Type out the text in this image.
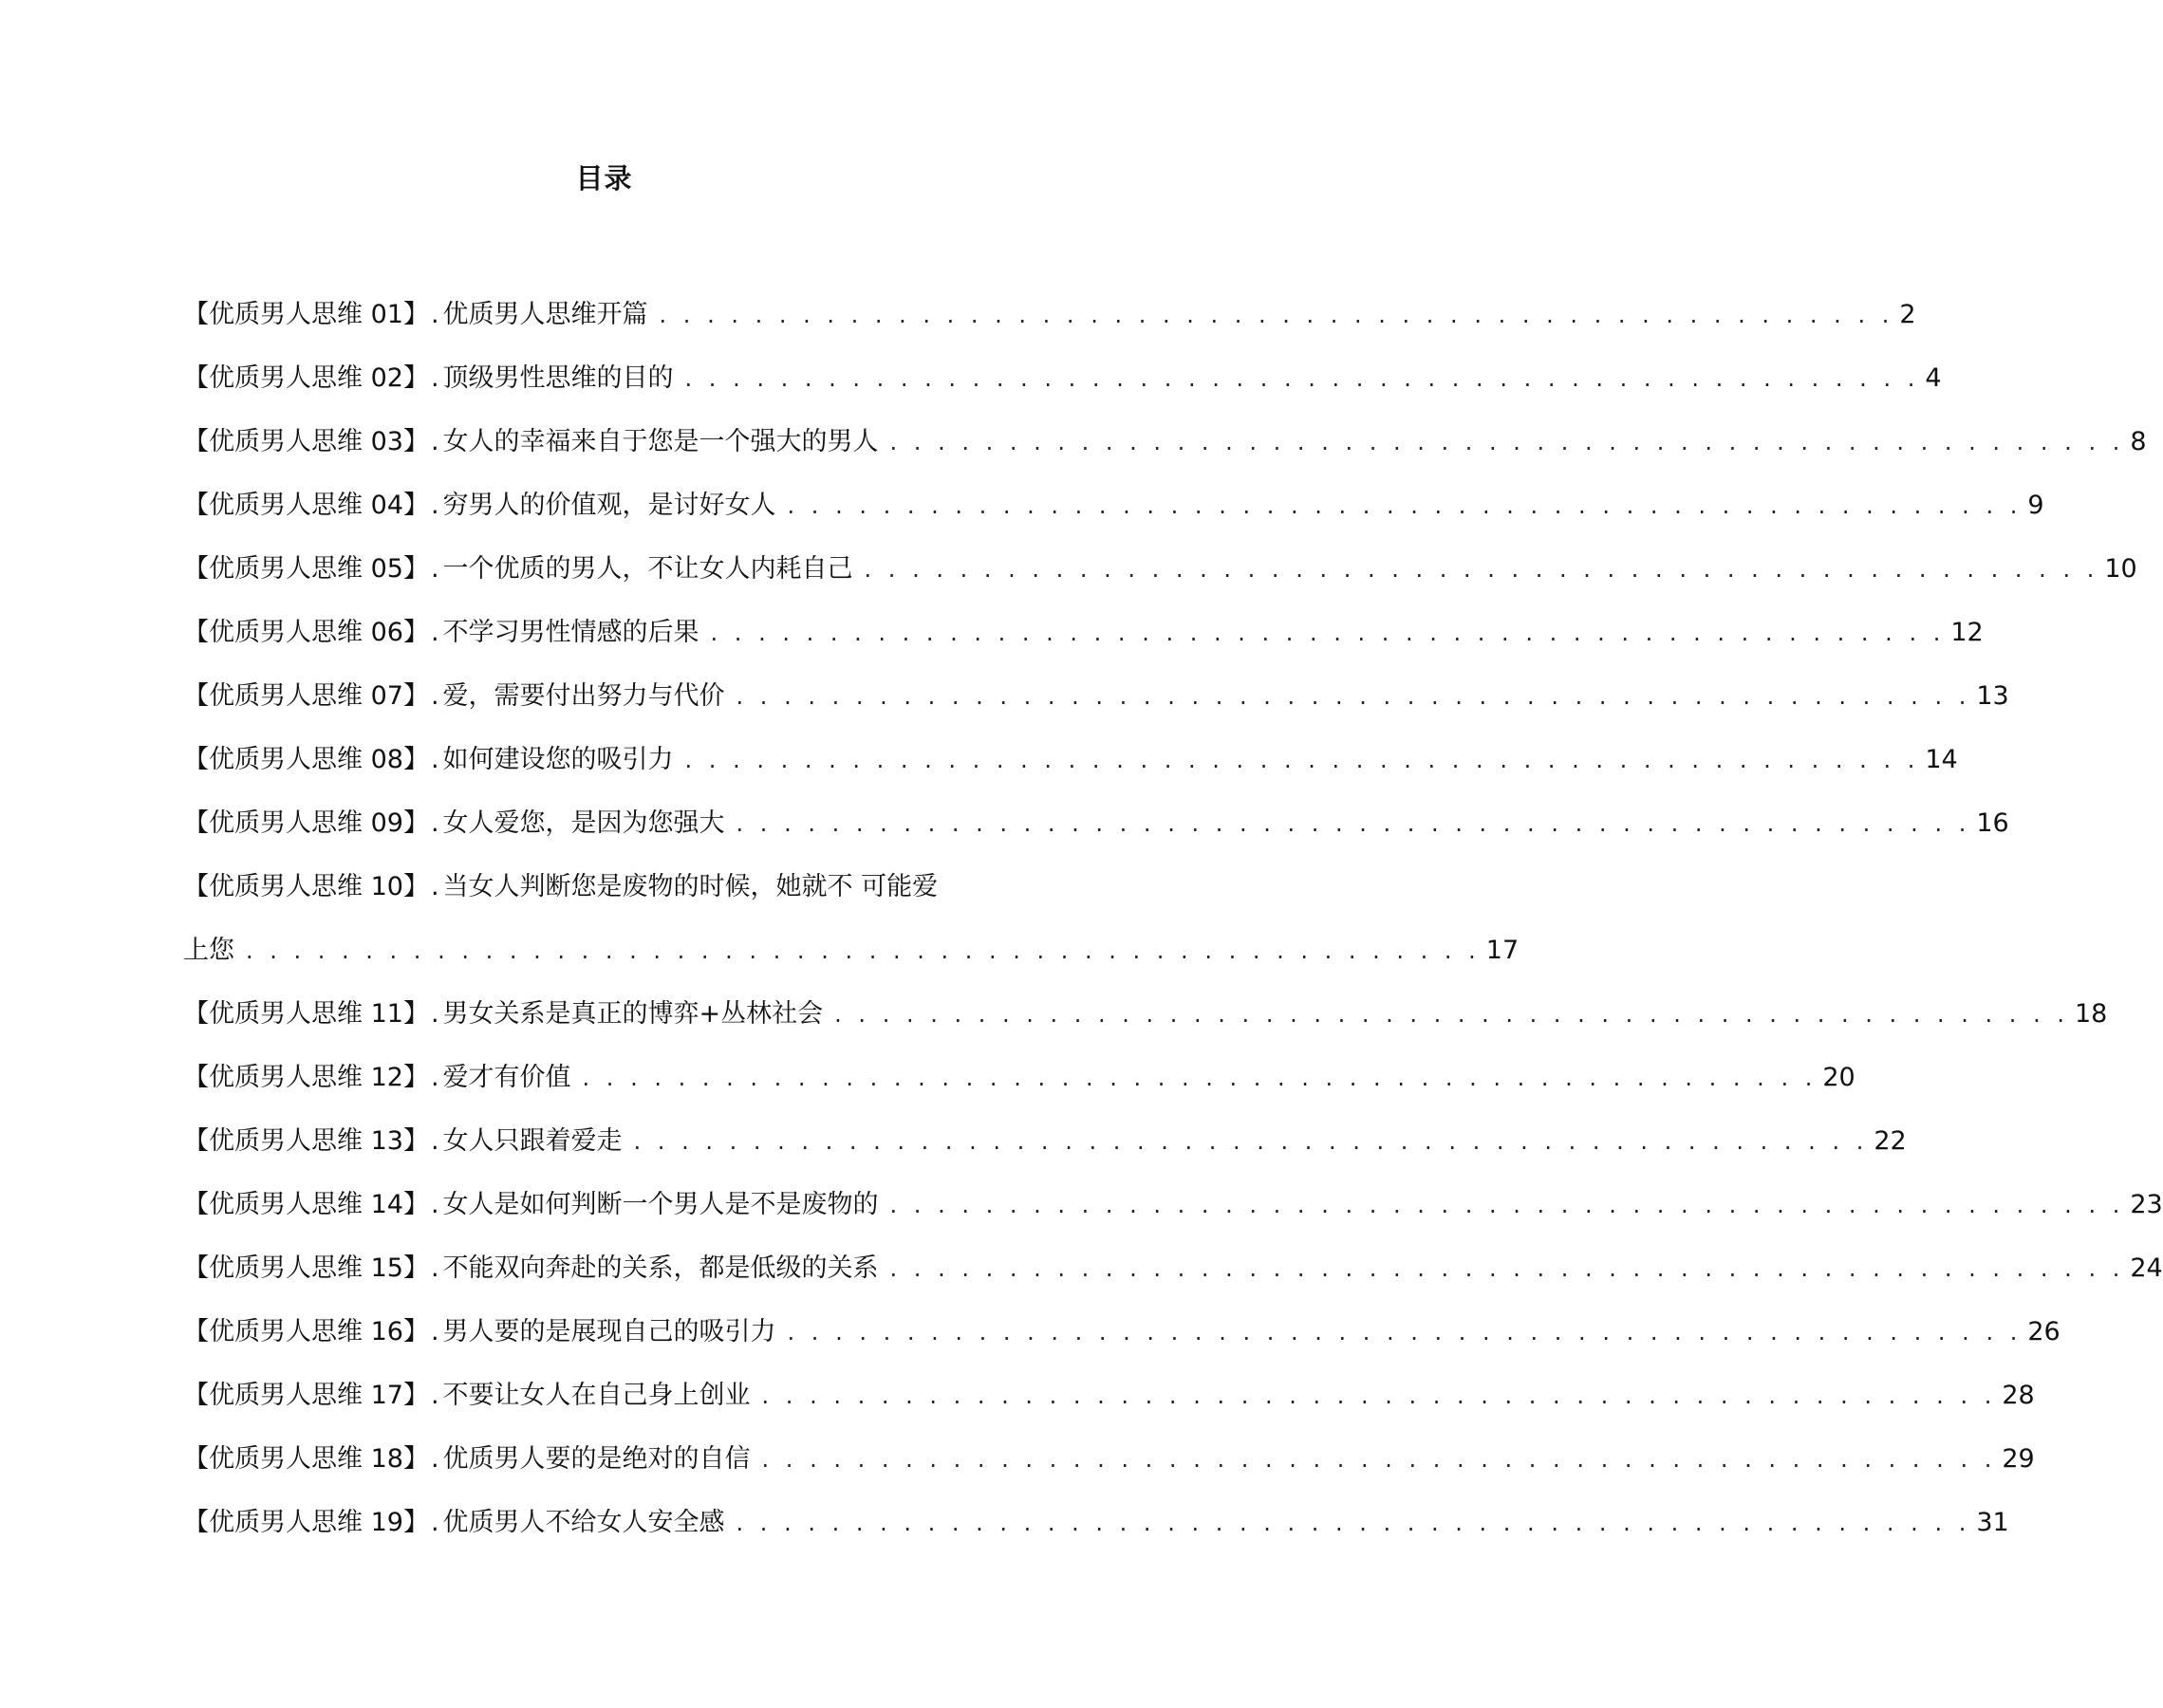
目录
【优质男人思维 01】 . 优质男人思维开篇 . . . . . . . . . . . . . . . . . . . . . . . . . . . . . . . . . . . . . . . . . . . . . . . . . . . . 2
【优质男人思维 02】 . 顶级男性思维的目的 . . . . . . . . . . . . . . . . . . . . . . . . . . . . . . . . . . . . . . . . . . . . . . . . . . . . 4
【优质男人思维 03】 . 女人的幸福来自于您是一个强大的男人 . . . . . . . . . . . . . . . . . . . . . . . . . . . . . . . . . . . . . . . . . . . . . . . . . . . . 8
【优质男人思维 04】 . 穷男人的价值观，是讨好女人 . . . . . . . . . . . . . . . . . . . . . . . . . . . . . . . . . . . . . . . . . . . . . . . . . . . . 9
【优质男人思维 05】 . 一个优质的男人，不让女人内耗自己 . . . . . . . . . . . . . . . . . . . . . . . . . . . . . . . . . . . . . . . . . . . . . . . . . . . . 10
【优质男人思维 06】 . 不学习男性情感的后果 . . . . . . . . . . . . . . . . . . . . . . . . . . . . . . . . . . . . . . . . . . . . . . . . . . . . 12
【优质男人思维 07】 . 爱，需要付出努力与代价 . . . . . . . . . . . . . . . . . . . . . . . . . . . . . . . . . . . . . . . . . . . . . . . . . . . . 13
【优质男人思维 08】 . 如何建设您的吸引力 . . . . . . . . . . . . . . . . . . . . . . . . . . . . . . . . . . . . . . . . . . . . . . . . . . . . 14
【优质男人思维 09】 . 女人爱您，是因为您强大 . . . . . . . . . . . . . . . . . . . . . . . . . . . . . . . . . . . . . . . . . . . . . . . . . . . . 16
【优质男人思维 10】 . 当女人判断您是废物的时候，她就不 可能爱
上您 . . . . . . . . . . . . . . . . . . . . . . . . . . . . . . . . . . . . . . . . . . . . . . . . . . . . 17
【优质男人思维 11】 . 男女关系是真正的博弈+丛林社会 . . . . . . . . . . . . . . . . . . . . . . . . . . . . . . . . . . . . . . . . . . . . . . . . . . . . 18
【优质男人思维 12】 . 爱才有价值 . . . . . . . . . . . . . . . . . . . . . . . . . . . . . . . . . . . . . . . . . . . . . . . . . . . . 20
【优质男人思维 13】 . 女人只跟着爱走 . . . . . . . . . . . . . . . . . . . . . . . . . . . . . . . . . . . . . . . . . . . . . . . . . . . . 22
【优质男人思维 14】 . 女人是如何判断一个男人是不是废物的 . . . . . . . . . . . . . . . . . . . . . . . . . . . . . . . . . . . . . . . . . . . . . . . . . . . . 23
【优质男人思维 15】 . 不能双向奔赴的关系，都是低级的关系 . . . . . . . . . . . . . . . . . . . . . . . . . . . . . . . . . . . . . . . . . . . . . . . . . . . . 24
【优质男人思维 16】 . 男人要的是展现自己的吸引力 . . . . . . . . . . . . . . . . . . . . . . . . . . . . . . . . . . . . . . . . . . . . . . . . . . . . 26
【优质男人思维 17】 . 不要让女人在自己身上创业 . . . . . . . . . . . . . . . . . . . . . . . . . . . . . . . . . . . . . . . . . . . . . . . . . . . . 28
【优质男人思维 18】 . 优质男人要的是绝对的自信 . . . . . . . . . . . . . . . . . . . . . . . . . . . . . . . . . . . . . . . . . . . . . . . . . . . . 29
【优质男人思维 19】 . 优质男人不给女人安全感 . . . . . . . . . . . . . . . . . . . . . . . . . . . . . . . . . . . . . . . . . . . . . . . . . . . . 31
